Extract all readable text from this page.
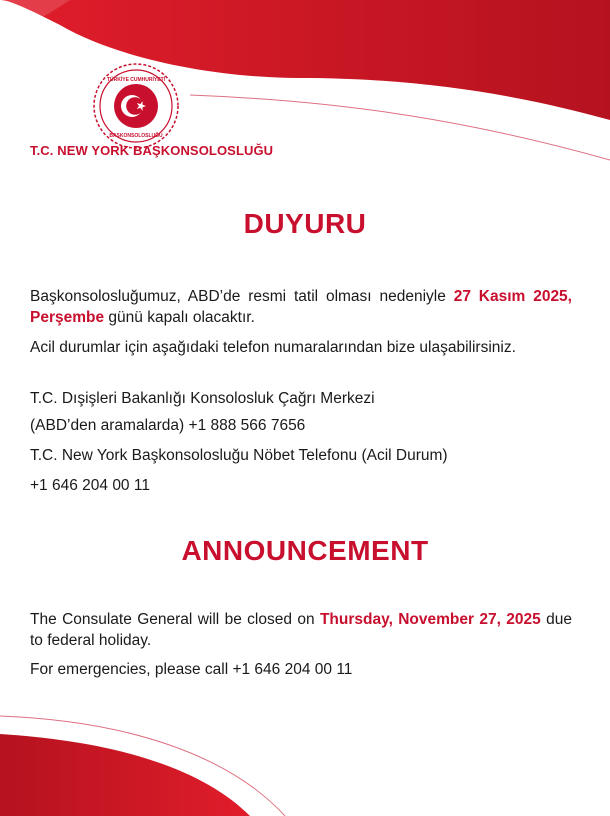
TÜRKİYE CUMHURİYETİ
BAŞKONSOLOSLUĞU
T.C. NEW YORK BAŞKONSOLOSLUĞU
DUYURU

Başkonsolosluğumuz, ABD’de resmi tatil olması nedeniyle 27 Kasım 2025, Perşembe günü kapalı olacaktır.

Acil durumlar için aşağıdaki telefon numaralarından bize ulaşabilirsiniz.

T.C. Dışişleri Bakanlığı Konsolosluk Çağrı Merkezi

(ABD’den aramalarda) +1 888 566 7656

T.C. New York Başkonsolosluğu Nöbet Telefonu (Acil Durum)

+1 646 204 00 11

ANNOUNCEMENT

The Consulate General will be closed on Thursday, November 27, 2025 due to federal holiday.

For emergencies, please call +1 646 204 00 11
